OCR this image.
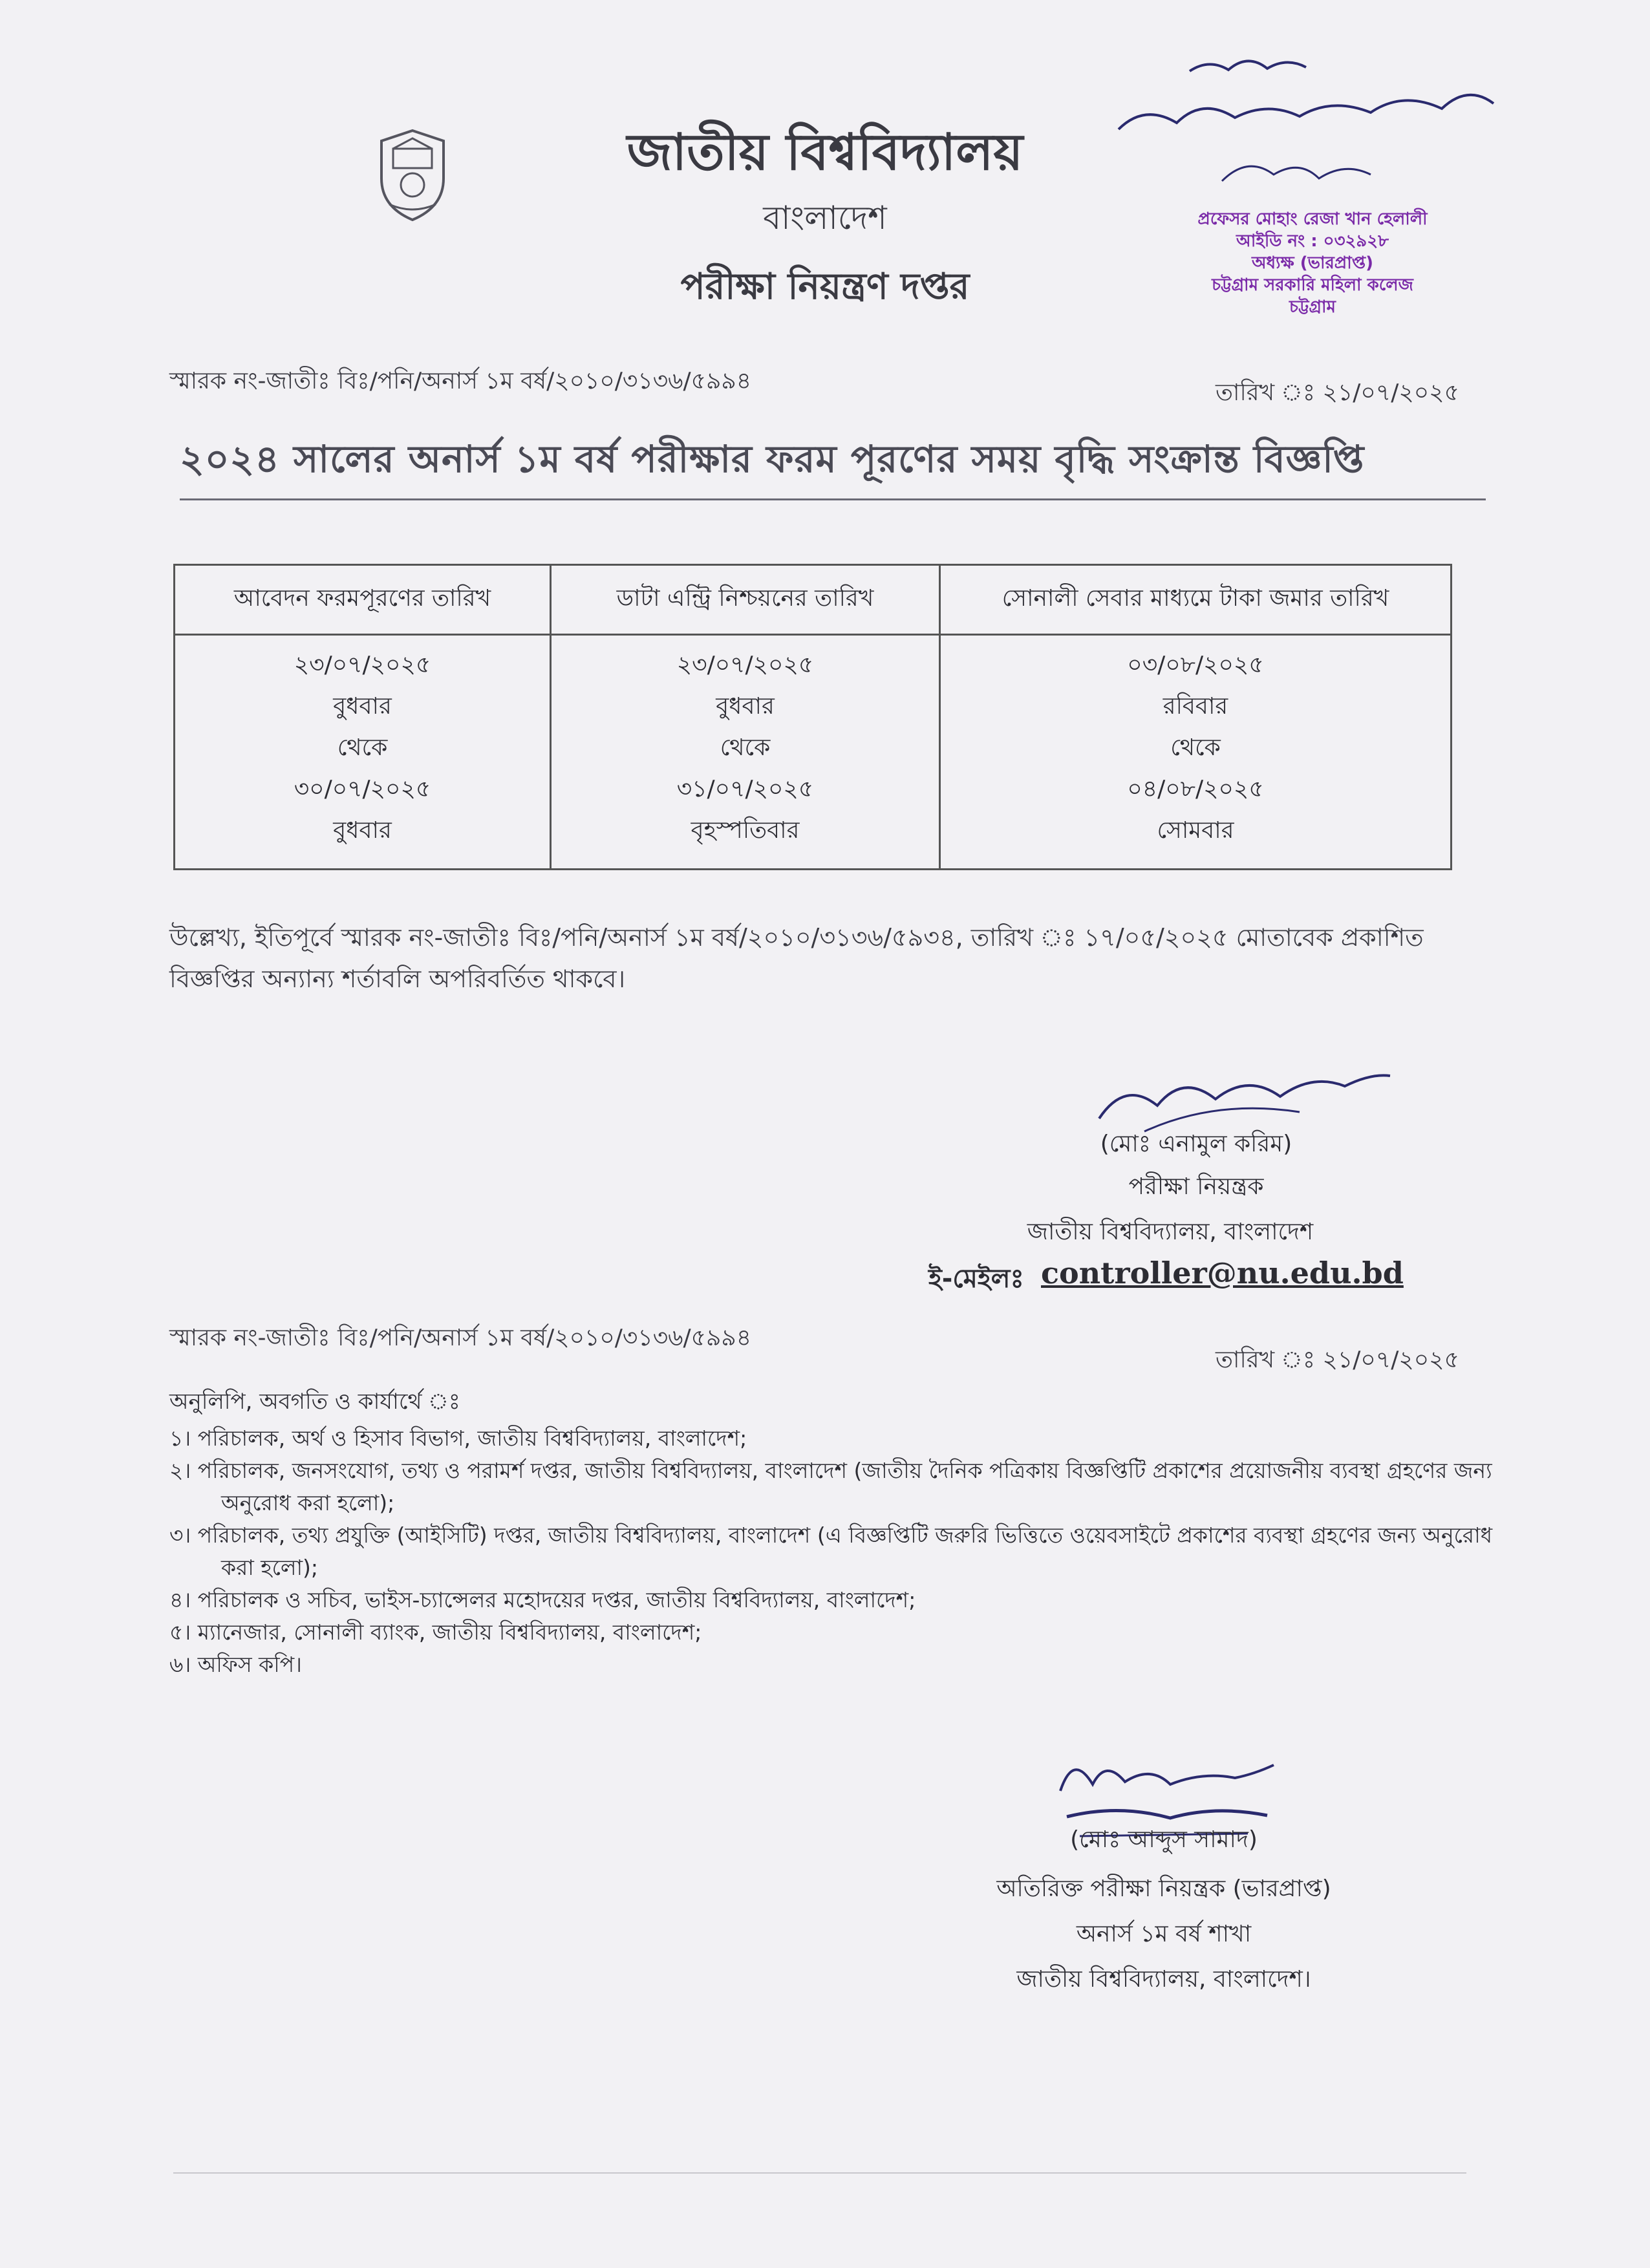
জাতীয় বিশ্ববিদ্যালয়
বাংলাদেশ
পরীক্ষা নিয়ন্ত্রণ দপ্তর
প্রফেসর মোহাং রেজা খান হেলালী
আইডি নং : ০৩২৯২৮
অধ্যক্ষ (ভারপ্রাপ্ত)
চট্টগ্রাম সরকারি মহিলা কলেজ
চট্টগ্রাম
স্মারক নং-জাতীঃ বিঃ/পনি/অনার্স ১ম বর্ষ/২০১০/৩১৩৬/৫৯৯৪	তারিখ ঃ ২১/০৭/২০২৫
২০২৪ সালের অনার্স ১ম বর্ষ পরীক্ষার ফরম পূরণের সময় বৃদ্ধি সংক্রান্ত বিজ্ঞপ্তি
আবেদন ফরমপূরণের তারিখ
২৩/০৭/২০২৫
বুধবার
থেকে
৩০/০৭/২০২৫
বুধবার
ডাটা এন্ট্রি নিশ্চয়নের তারিখ
২৩/০৭/২০২৫
বুধবার
থেকে
৩১/০৭/২০২৫
বৃহস্পতিবার
সোনালী সেবার মাধ্যমে টাকা জমার তারিখ
০৩/০৮/২০২৫
রবিবার
থেকে
০৪/০৮/২০২৫
সোমবার
উল্লেখ্য, ইতিপূর্বে স্মারক নং-জাতীঃ বিঃ/পনি/অনার্স ১ম বর্ষ/২০১০/৩১৩৬/৫৯৩৪, তারিখ ঃ ১৭/০৫/২০২৫ মোতাবেক প্রকাশিত বিজ্ঞপ্তির অন্যান্য শর্তাবলি অপরিবর্তিত থাকবে।
(মোঃ এনামুল করিম)
পরীক্ষা নিয়ন্ত্রক
জাতীয় বিশ্ববিদ্যালয়, বাংলাদেশ
ই-মেইলঃ controller@nu.edu.bd
স্মারক নং-জাতীঃ বিঃ/পনি/অনার্স ১ম বর্ষ/২০১০/৩১৩৬/৫৯৯৪
তারিখ ঃ ২১/০৭/২০২৫
অনুলিপি, অবগতি ও কার্যার্থে ঃ
১। পরিচালক, অর্থ ও হিসাব বিভাগ, জাতীয় বিশ্ববিদ্যালয়, বাংলাদেশ;
২। পরিচালক, জনসংযোগ, তথ্য ও পরামর্শ দপ্তর, জাতীয় বিশ্ববিদ্যালয়, বাংলাদেশ (জাতীয় দৈনিক পত্রিকায় বিজ্ঞপ্তিটি প্রকাশের প্রয়োজনীয় ব্যবস্থা গ্রহণের জন্য অনুরোধ করা হলো);
৩। পরিচালক, তথ্য প্রযুক্তি (আইসিটি) দপ্তর, জাতীয় বিশ্ববিদ্যালয়, বাংলাদেশ (এ বিজ্ঞপ্তিটি জরুরি ভিত্তিতে ওয়েবসাইটে প্রকাশের ব্যবস্থা গ্রহণের জন্য অনুরোধ করা হলো);
৪। পরিচালক ও সচিব, ভাইস-চ্যান্সেলর মহোদয়ের দপ্তর, জাতীয় বিশ্ববিদ্যালয়, বাংলাদেশ;
৫। ম্যানেজার, সোনালী ব্যাংক, জাতীয় বিশ্ববিদ্যালয়, বাংলাদেশ;
৬। অফিস কপি।
(মোঃ আব্দুস সামাদ)
অতিরিক্ত পরীক্ষা নিয়ন্ত্রক (ভারপ্রাপ্ত)
অনার্স ১ম বর্ষ শাখা
জাতীয় বিশ্ববিদ্যালয়, বাংলাদেশ।
